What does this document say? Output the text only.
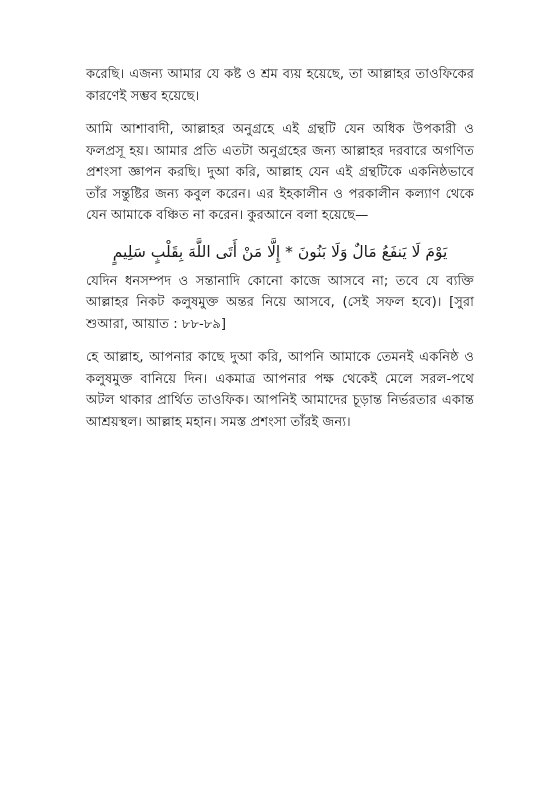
করেছি। এজন্য আমার যে কষ্ট ও শ্রম ব্যয় হয়েছে, তা আল্লাহর তাওফিকের কারণেই সম্ভব হয়েছে।

আমি আশাবাদী, আল্লাহর অনুগ্রহে এই গ্রন্থটি যেন অধিক উপকারী ও ফলপ্রসূ হয়। আমার প্রতি এতটা অনুগ্রহের জন্য আল্লাহর দরবারে অগণিত প্রশংসা জ্ঞাপন করছি। দুআ করি, আল্লাহ যেন এই গ্রন্থটিকে একনিষ্ঠভাবে তাঁর সন্তুষ্টির জন্য কবুল করেন। এর ইহকালীন ও পরকালীন কল্যাণ থেকে যেন আমাকে বঞ্চিত না করেন। কুরআনে বলা হয়েছে—

يَوْمَ لَا يَنفَعُ مَالٌ وَلَا بَنُونَ * إِلَّا مَنْ أَتَى اللَّهَ بِقَلْبٍ سَلِيمٍ

যেদিন ধনসম্পদ ও সন্তানাদি কোনো কাজে আসবে না; তবে যে ব্যক্তি আল্লাহর নিকট কলুষমুক্ত অন্তর নিয়ে আসবে, (সেই সফল হবে)। [সুরা শুআরা, আয়াত : ৮৮-৮৯]

হে আল্লাহ, আপনার কাছে দুআ করি, আপনি আমাকে তেমনই একনিষ্ঠ ও কলুষমুক্ত বানিয়ে দিন। একমাত্র আপনার পক্ষ থেকেই মেলে সরল-পথে অটল থাকার প্রার্থিত তাওফিক। আপনিই আমাদের চূড়ান্ত নির্ভরতার একান্ত আশ্রয়স্থল। আল্লাহ মহান। সমস্ত প্রশংসা তাঁরই জন্য।
